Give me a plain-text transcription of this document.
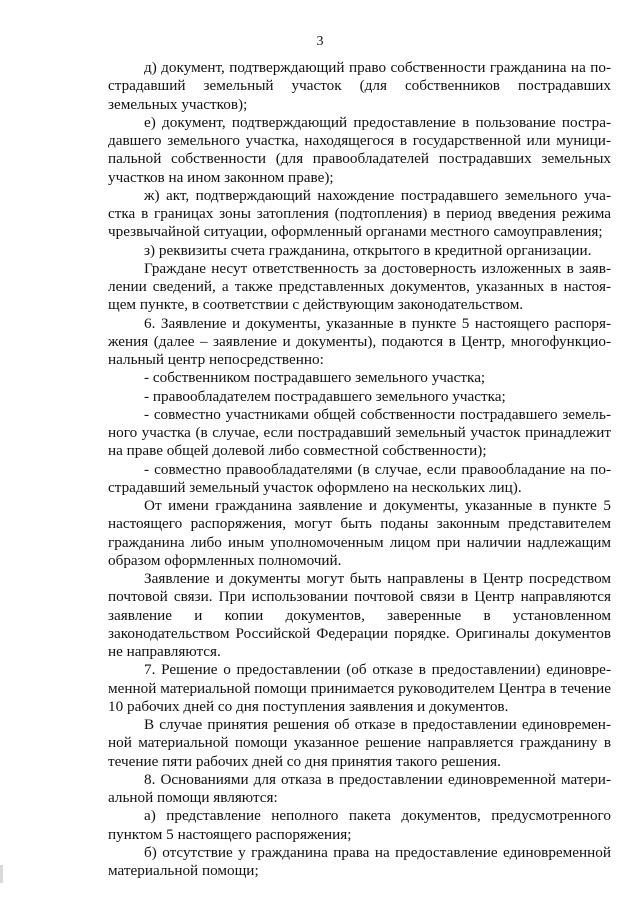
3

д) документ, подтверждающий право собственности гражданина на пострадавший земельный участок (для собственников пострадавших земельных участков);

е) документ, подтверждающий предоставление в пользование пострадавшего земельного участка, находящегося в государственной или муниципальной собственности (для правообладателей пострадавших земельных участков на ином законном праве);

ж) акт, подтверждающий нахождение пострадавшего земельного участка в границах зоны затопления (подтопления) в период введения режима чрезвычайной ситуации, оформленный органами местного самоуправления;

з) реквизиты счета гражданина, открытого в кредитной организации.

Граждане несут ответственность за достоверность изложенных в заявлении сведений, а также представленных документов, указанных в настоящем пункте, в соответствии с действующим законодательством.

6. Заявление и документы, указанные в пункте 5 настоящего распоряжения (далее – заявление и документы), подаются в Центр, многофункциональный центр непосредственно:

- собственником пострадавшего земельного участка;

- правообладателем пострадавшего земельного участка;

- совместно участниками общей собственности пострадавшего земельного участка (в случае, если пострадавший земельный участок принадлежит на праве общей долевой либо совместной собственности);

- совместно правообладателями (в случае, если правообладание на пострадавший земельный участок оформлено на нескольких лиц).

От имени гражданина заявление и документы, указанные в пункте 5 настоящего распоряжения, могут быть поданы законным представителем гражданина либо иным уполномоченным лицом при наличии надлежащим образом оформленных полномочий.

Заявление и документы могут быть направлены в Центр посредством почтовой связи. При использовании почтовой связи в Центр направляются заявление и копии документов, заверенные в установленном законодательством Российской Федерации порядке. Оригиналы документов не направляются.

7. Решение о предоставлении (об отказе в предоставлении) единовременной материальной помощи принимается руководителем Центра в течение 10 рабочих дней со дня поступления заявления и документов.

В случае принятия решения об отказе в предоставлении единовременной материальной помощи указанное решение направляется гражданину в течение пяти рабочих дней со дня принятия такого решения.

8. Основаниями для отказа в предоставлении единовременной материальной помощи являются:

а) представление неполного пакета документов, предусмотренного пунктом 5 настоящего распоряжения;

б) отсутствие у гражданина права на предоставление единовременной материальной помощи;
